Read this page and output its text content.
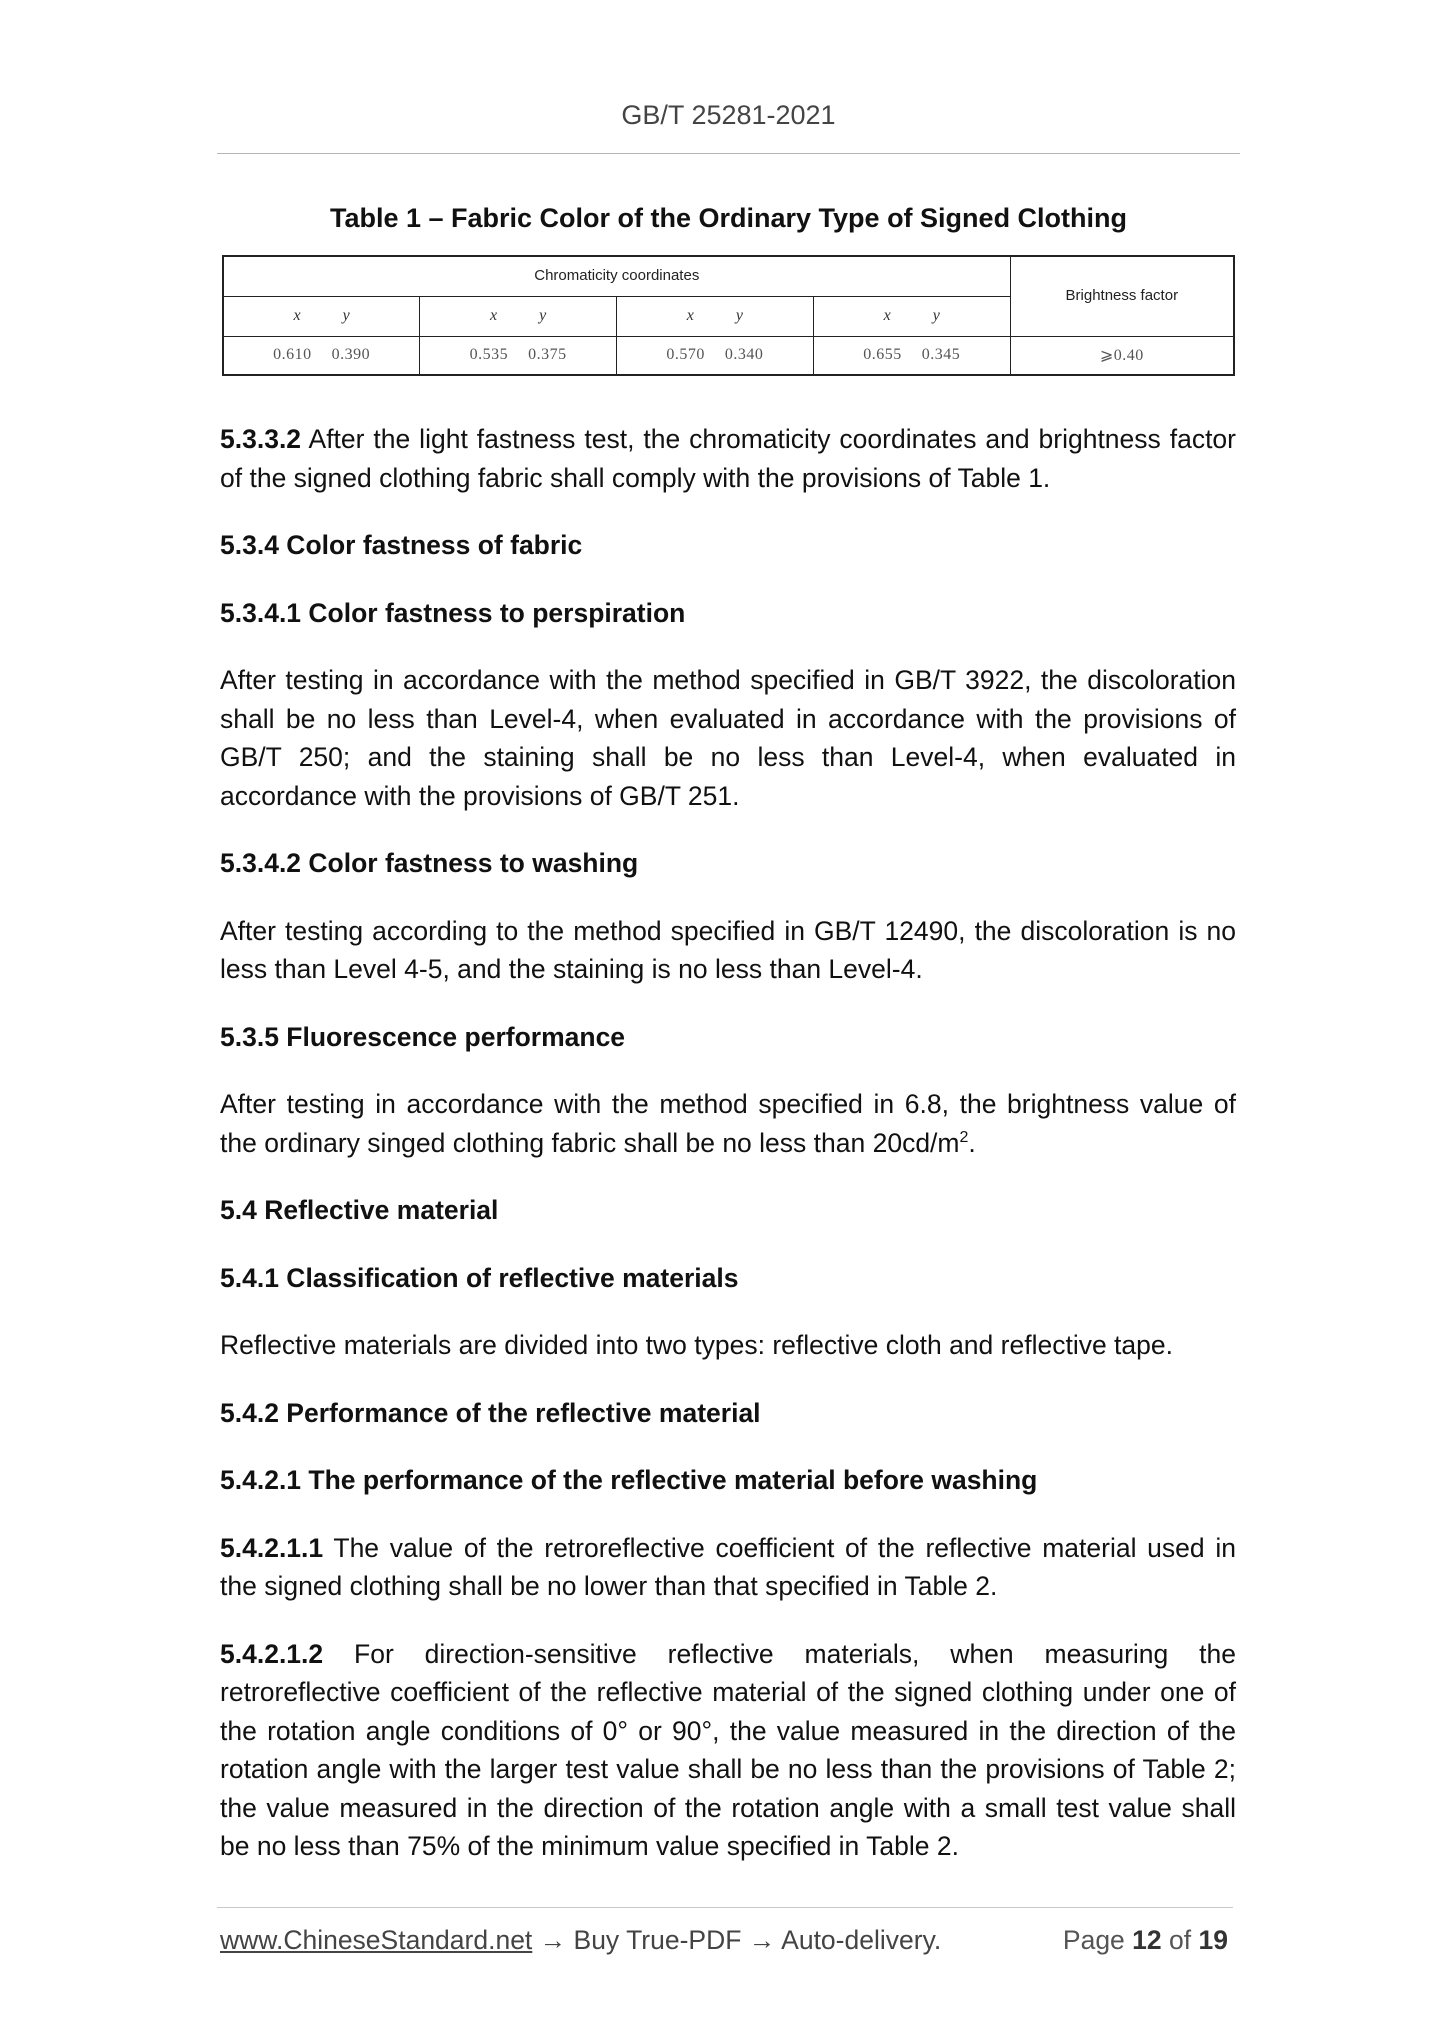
GB/T 25281-2021
Table 1 – Fabric Color of the Ordinary Type of Signed Clothing
Chromaticity coordinates				Brightness factor

x y	x y	x y	x y	

0.610 0.390	0.535 0.375	0.570 0.340	0.655 0.345	⩾0.40

5.3.3.2 After the light fastness test, the chromaticity coordinates and brightness factor of the signed clothing fabric shall comply with the provisions of Table 1.

5.3.4 Color fastness of fabric

5.3.4.1 Color fastness to perspiration

After testing in accordance with the method specified in GB/T 3922, the discoloration shall be no less than Level-4, when evaluated in accordance with the provisions of GB/T 250; and the staining shall be no less than Level-4, when evaluated in accordance with the provisions of GB/T 251.

5.3.4.2 Color fastness to washing

After testing according to the method specified in GB/T 12490, the discoloration is no less than Level 4-5, and the staining is no less than Level-4.

5.3.5 Fluorescence performance

After testing in accordance with the method specified in 6.8, the brightness value of the ordinary singed clothing fabric shall be no less than $20cd/m^2$.

5.4 Reflective material

5.4.1 Classification of reflective materials

Reflective materials are divided into two types: reflective cloth and reflective tape.

5.4.2 Performance of the reflective material

5.4.2.1 The performance of the reflective material before washing

5.4.2.1.1 The value of the retroreflective coefficient of the reflective material used in the signed clothing shall be no lower than that specified in Table 2.

5.4.2.1.2 For direction-sensitive reflective materials, when measuring the retroreflective coefficient of the reflective material of the signed clothing under one of the rotation angle conditions of 0° or 90°, the value measured in the direction of the rotation angle with the larger test value shall be no less than the provisions of Table 2; the value measured in the direction of the rotation angle with a small test value shall be no less than 75% of the minimum value specified in Table 2.

www.ChineseStandard.net → Buy True-PDF → Auto-delivery.	Page 12 of 19
